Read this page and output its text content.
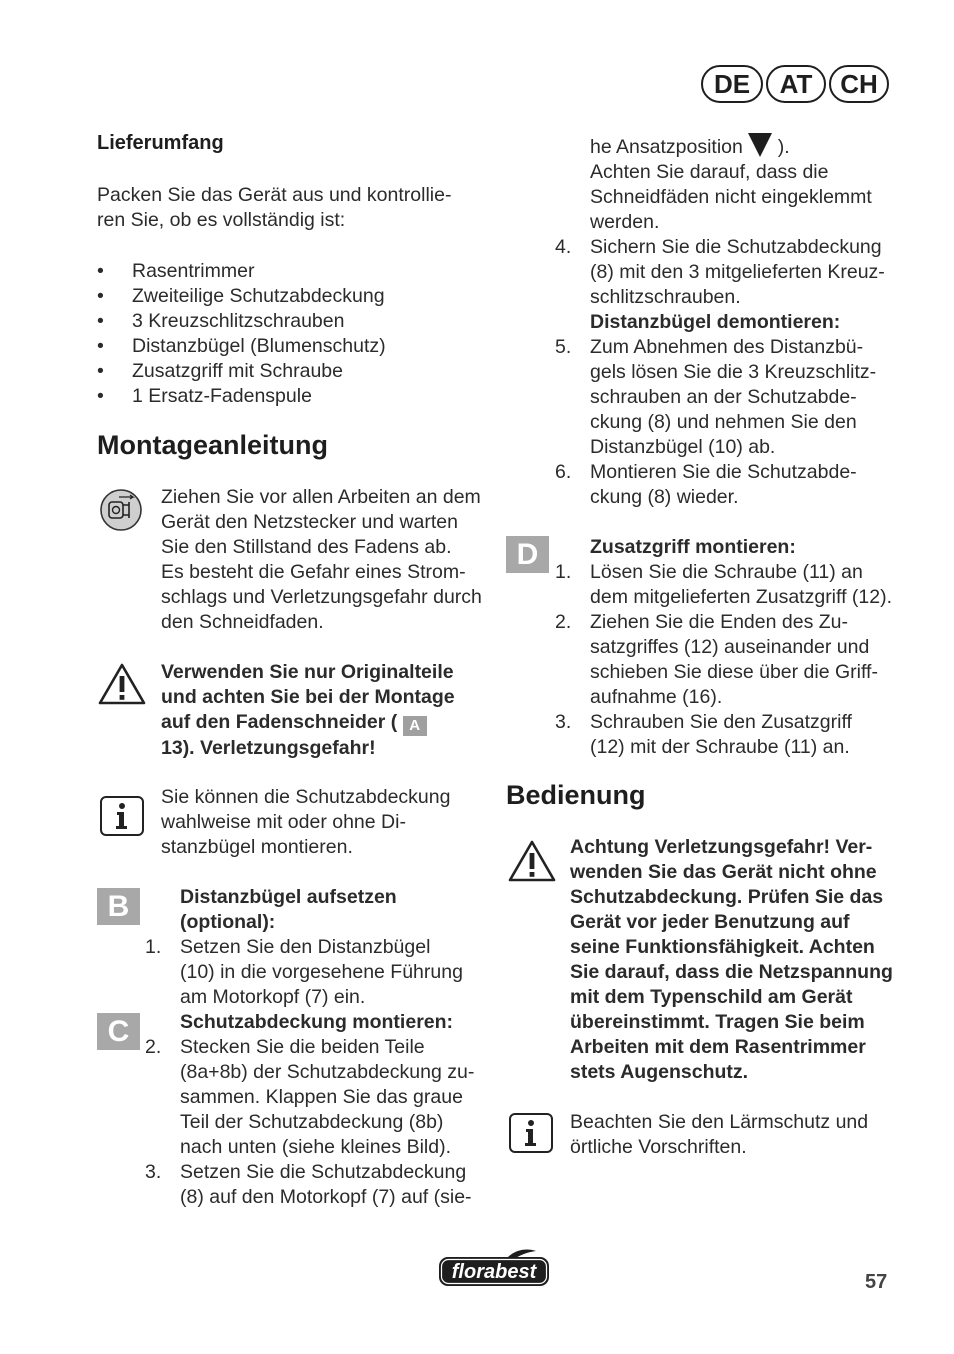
DE	AT	CH
Lieferumfang
Packen Sie das Gerät aus und kontrollie-
ren Sie, ob es vollständig ist:
•	Rasentrimmer
•	Zweiteilige Schutzabdeckung
•	3 Kreuzschlitzschrauben
•	Distanzbügel (Blumenschutz)
•	Zusatzgriff mit Schraube
•	1 Ersatz-Fadenspule
Montageanleitung
Ziehen Sie vor allen Arbeiten an dem
Gerät den Netzstecker und warten
Sie den Stillstand des Fadens ab.
Es besteht die Gefahr eines Strom-
schlags und Verletzungsgefahr durch
den Schneidfaden.
Verwenden Sie nur Originalteile
und achten Sie bei der Montage
auf den Fadenschneider ( A
13). Verletzungsgefahr!
Sie können die Schutzabdeckung
wahlweise mit oder ohne Di-
stanzbügel montieren.
B
C
Distanzbügel aufsetzen
(optional):
1. Setzen Sie den Distanzbügel
(10) in die vorgesehene Führung
am Motorkopf (7) ein.
Schutzabdeckung montieren:
2. Stecken Sie die beiden Teile
(8a+8b) der Schutzabdeckung zu-
sammen. Klappen Sie das graue
Teil der Schutzabdeckung (8b)
nach unten (siehe kleines Bild).
3. Setzen Sie die Schutzabdeckung
(8) auf den Motorkopf (7) auf (sie-
he Ansatzposition ).
Achten Sie darauf, dass die
Schneidfäden nicht eingeklemmt
werden.
4. Sichern Sie die Schutzabdeckung
(8) mit den 3 mitgelieferten Kreuz-
schlitzschrauben.
Distanzbügel demontieren:
5. Zum Abnehmen des Distanzbü-
gels lösen Sie die 3 Kreuzschlitz-
schrauben an der Schutzabde-
ckung (8) und nehmen Sie den
Distanzbügel (10) ab.
6. Montieren Sie die Schutzabde-
ckung (8) wieder.
D	Zusatzgriff montieren:
1. Lösen Sie die Schraube (11) an
dem mitgelieferten Zusatzgriff (12).
2. Ziehen Sie die Enden des Zu-
satzgriffes (12) auseinander und
schieben Sie diese über die Griff-
aufnahme (16).
3. Schrauben Sie den Zusatzgriff
(12) mit der Schraube (11) an.
Bedienung
Achtung Verletzungsgefahr! Ver-
wenden Sie das Gerät nicht ohne
Schutzabdeckung. Prüfen Sie das
Gerät vor jeder Benutzung auf
seine Funktionsfähigkeit. Achten
Sie darauf, dass die Netzspannung
mit dem Typenschild am Gerät
übereinstimmt. Tragen Sie beim
Arbeiten mit dem Rasentrimmer
stets Augenschutz.
Beachten Sie den Lärmschutz und
örtliche Vorschriften.
florabest	57
